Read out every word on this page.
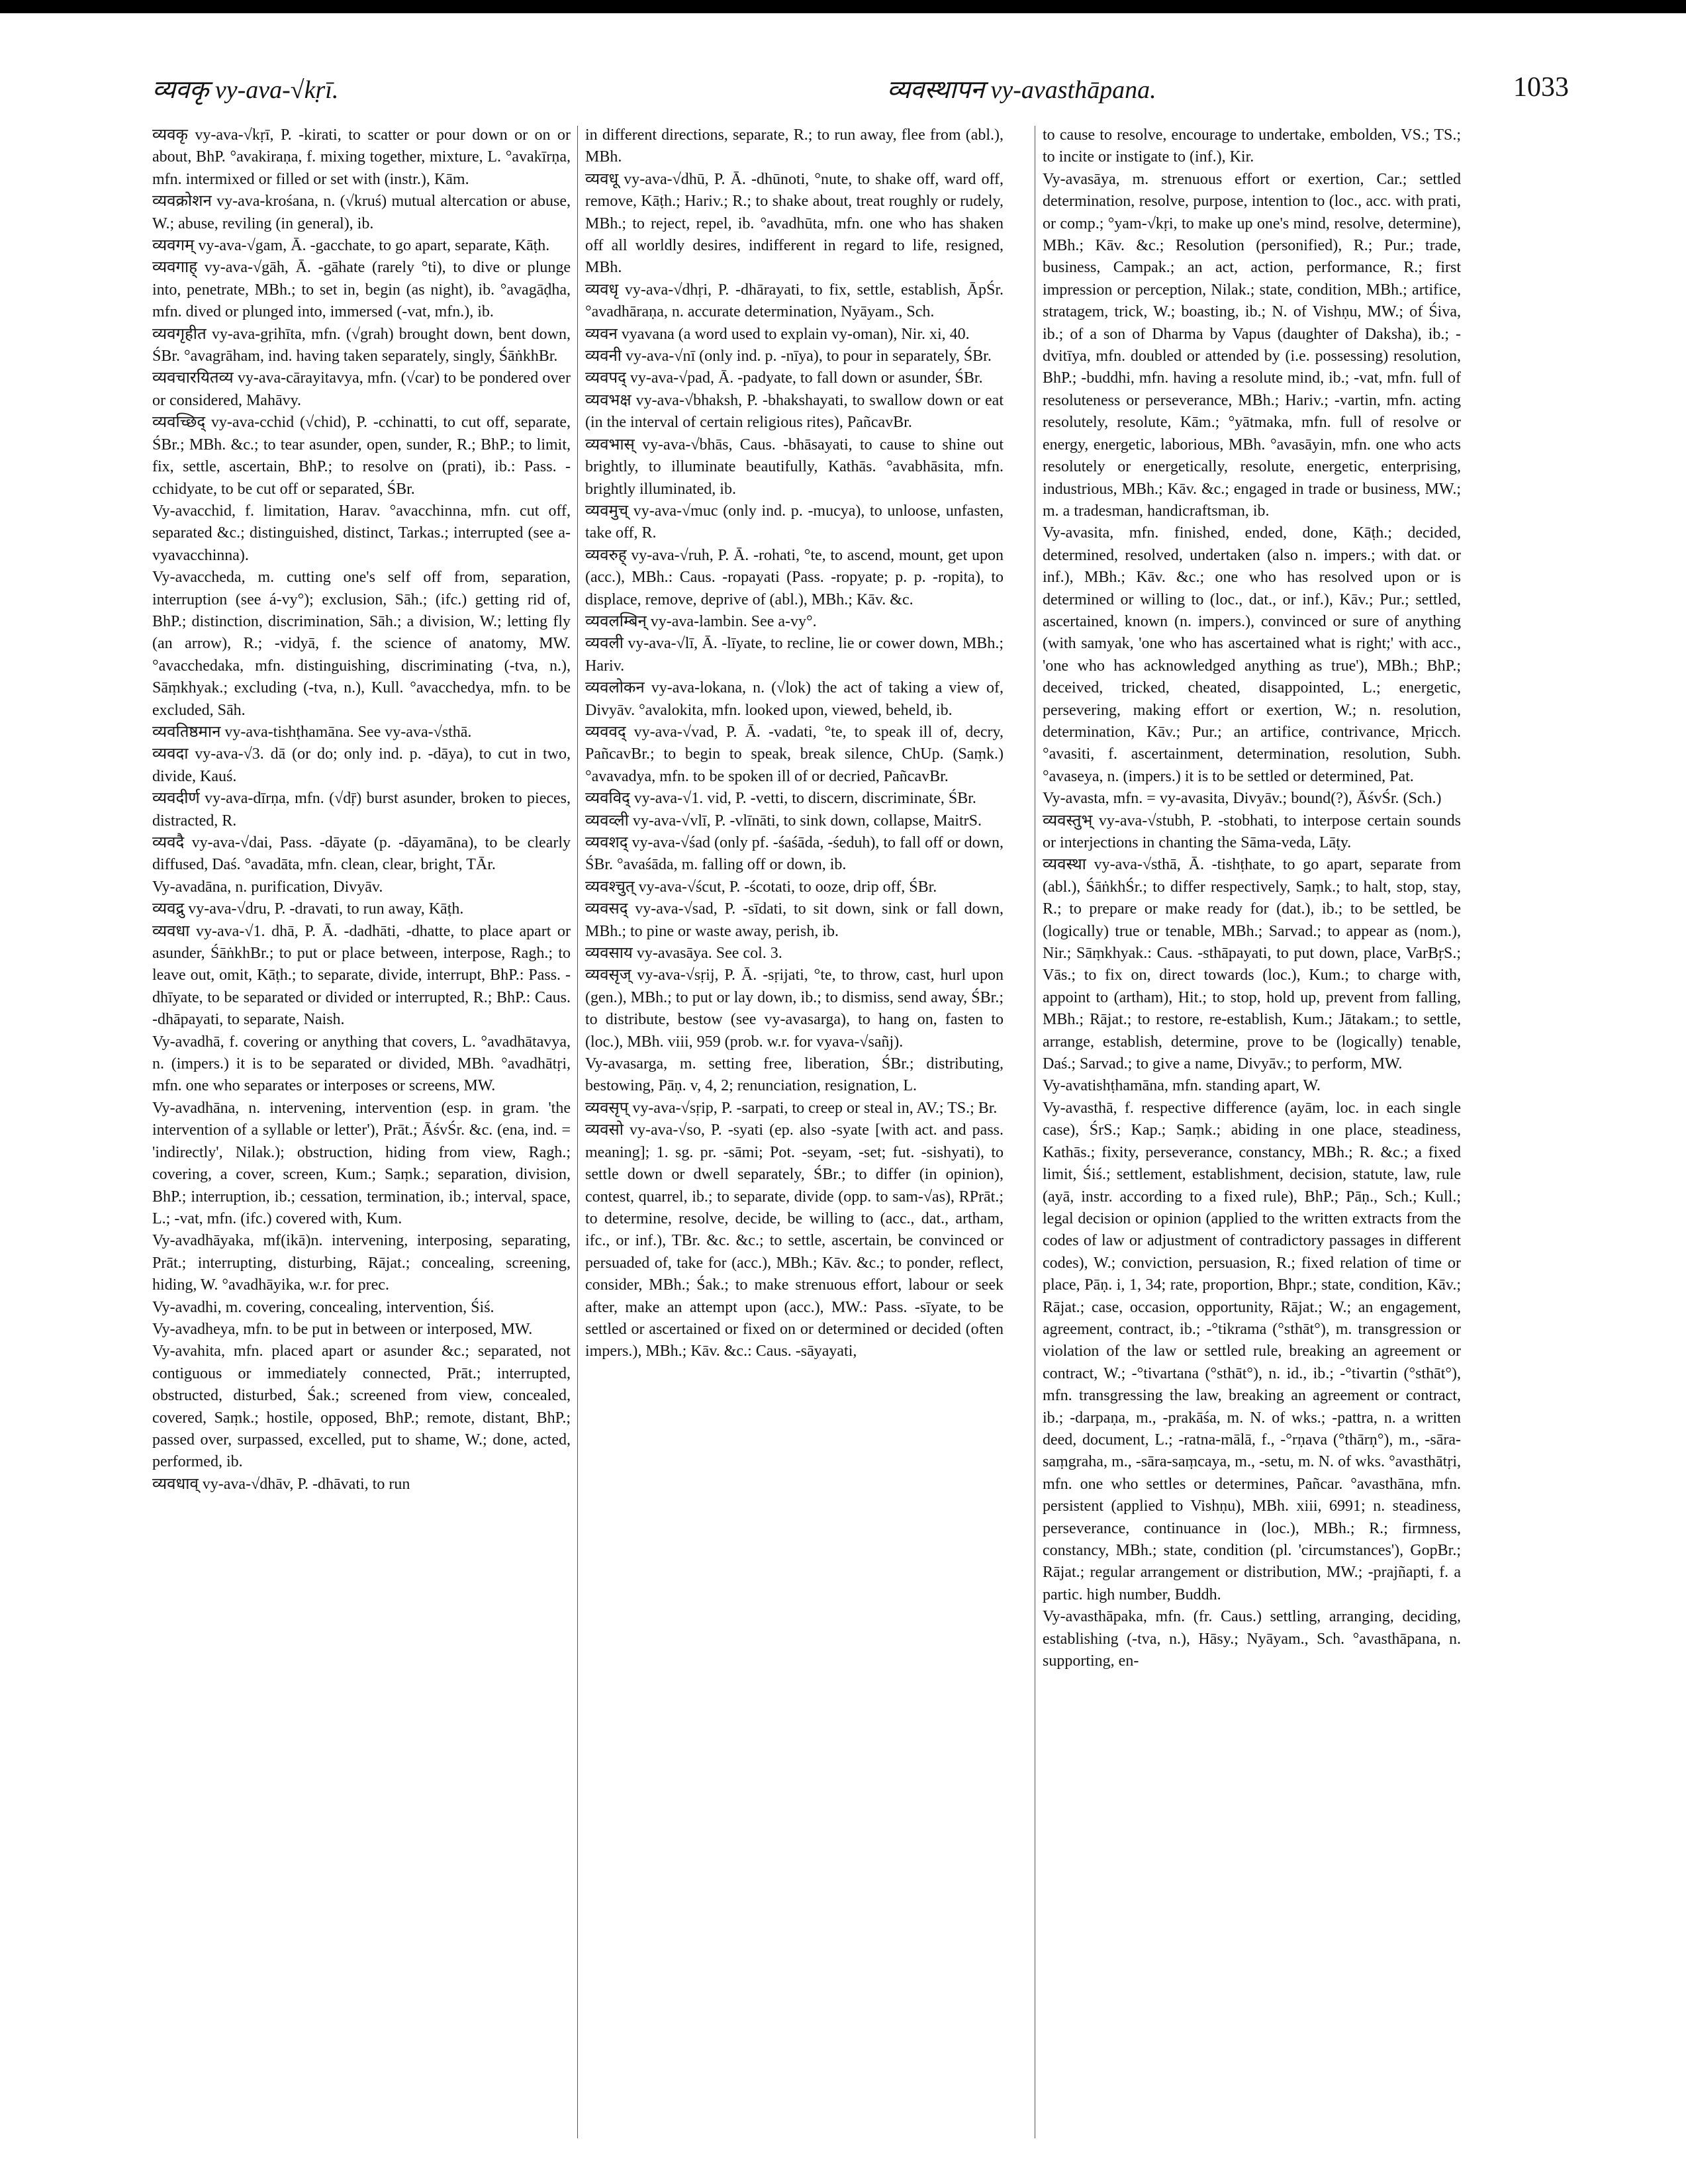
व्यवकृ vy-ava-√kṛī.	व्यवस्थापन vy-avasthāpana.	1033

व्यवकृ vy-ava-√kṛī, P. -kirati, to scatter or pour down or on or about, BhP. °avakiraṇa, f. mixing together, mixture, L. °avakīrṇa, mfn. intermixed or filled or set with (instr.), Kām.

व्यवक्रोशन vy-ava-krośana, n. (√kruś) mutual altercation or abuse, W.; abuse, reviling (in general), ib.

व्यवगम् vy-ava-√gam, Ā. -gacchate, to go apart, separate, Kāṭh.

व्यवगाह् vy-ava-√gāh, Ā. -gāhate (rarely °ti), to dive or plunge into, penetrate, MBh.; to set in, begin (as night), ib. °avagāḍha, mfn. dived or plunged into, immersed (-vat, mfn.), ib.

व्यवगृहीत vy-ava-gṛihīta, mfn. (√grah) brought down, bent down, ŚBr. °avagrāham, ind. having taken separately, singly, ŚāṅkhBr.

व्यवचारयितव्य vy-ava-cārayitavya, mfn. (√car) to be pondered over or considered, Mahāvy.

व्यवच्छिद् vy-ava-cchid (√chid), P. -cchinatti, to cut off, separate, ŚBr.; MBh. &c.; to tear asunder, open, sunder, R.; BhP.; to limit, fix, settle, ascertain, BhP.; to resolve on (prati), ib.: Pass. -cchidyate, to be cut off or separated, ŚBr.

Vy-avacchid, f. limitation, Harav. °avacchinna, mfn. cut off, separated &c.; distinguished, distinct, Tarkas.; interrupted (see a-vyavacchinna).

Vy-avaccheda, m. cutting one's self off from, separation, interruption (see á-vy°); exclusion, Sāh.; (ifc.) getting rid of, BhP.; distinction, discrimination, Sāh.; a division, W.; letting fly (an arrow), R.; -vidyā, f. the science of anatomy, MW. °avacchedaka, mfn. distinguishing, discriminating (-tva, n.), Sāṃkhyak.; excluding (-tva, n.), Kull. °avacchedya, mfn. to be excluded, Sāh.

व्यवतिष्ठमान vy-ava-tishṭhamāna. See vy-ava-√sthā.

व्यवदा vy-ava-√3. dā (or do; only ind. p. -dāya), to cut in two, divide, Kauś.

व्यवदीर्ण vy-ava-dīrṇa, mfn. (√dṝ) burst asunder, broken to pieces, distracted, R.

व्यवदै vy-ava-√dai, Pass. -dāyate (p. -dāyamāna), to be clearly diffused, Daś. °avadāta, mfn. clean, clear, bright, TĀr.

Vy-avadāna, n. purification, Divyāv.

व्यवद्रु vy-ava-√dru, P. -dravati, to run away, Kāṭh.

व्यवधा vy-ava-√1. dhā, P. Ā. -dadhāti, -dhatte, to place apart or asunder, ŚāṅkhBr.; to put or place between, interpose, Ragh.; to leave out, omit, Kāṭh.; to separate, divide, interrupt, BhP.: Pass. -dhīyate, to be separated or divided or interrupted, R.; BhP.: Caus. -dhāpayati, to separate, Naish.

Vy-avadhā, f. covering or anything that covers, L. °avadhātavya, n. (impers.) it is to be separated or divided, MBh. °avadhātṛi, mfn. one who separates or interposes or screens, MW.

Vy-avadhāna, n. intervening, intervention (esp. in gram. 'the intervention of a syllable or letter'), Prāt.; ĀśvŚr. &c. (ena, ind. = 'indirectly', Nilak.); obstruction, hiding from view, Ragh.; covering, a cover, screen, Kum.; Saṃk.; separation, division, BhP.; interruption, ib.; cessation, termination, ib.; interval, space, L.; -vat, mfn. (ifc.) covered with, Kum.

Vy-avadhāyaka, mf(ikā)n. intervening, interposing, separating, Prāt.; interrupting, disturbing, Rājat.; concealing, screening, hiding, W. °avadhāyika, w.r. for prec.

Vy-avadhi, m. covering, concealing, intervention, Śiś.

Vy-avadheya, mfn. to be put in between or interposed, MW.

Vy-avahita, mfn. placed apart or asunder &c.; separated, not contiguous or immediately connected, Prāt.; interrupted, obstructed, disturbed, Śak.; screened from view, concealed, covered, Saṃk.; hostile, opposed, BhP.; remote, distant, BhP.; passed over, surpassed, excelled, put to shame, W.; done, acted, performed, ib.

व्यवधाव् vy-ava-√dhāv, P. -dhāvati, to run

in different directions, separate, R.; to run away, flee from (abl.), MBh.

व्यवधू vy-ava-√dhū, P. Ā. -dhūnoti, °nute, to shake off, ward off, remove, Kāṭh.; Hariv.; R.; to shake about, treat roughly or rudely, MBh.; to reject, repel, ib. °avadhūta, mfn. one who has shaken off all worldly desires, indifferent in regard to life, resigned, MBh.

व्यवधृ vy-ava-√dhṛi, P. -dhārayati, to fix, settle, establish, ĀpŚr. °avadhāraṇa, n. accurate determination, Nyāyam., Sch.

व्यवन vyavana (a word used to explain vy-oman), Nir. xi, 40.

व्यवनी vy-ava-√nī (only ind. p. -nīya), to pour in separately, ŚBr.

व्यवपद् vy-ava-√pad, Ā. -padyate, to fall down or asunder, ŚBr.

व्यवभक्ष vy-ava-√bhaksh, P. -bhakshayati, to swallow down or eat (in the interval of certain religious rites), PañcavBr.

व्यवभास् vy-ava-√bhās, Caus. -bhāsayati, to cause to shine out brightly, to illuminate beautifully, Kathās. °avabhāsita, mfn. brightly illuminated, ib.

व्यवमुच् vy-ava-√muc (only ind. p. -mucya), to unloose, unfasten, take off, R.

व्यवरुह् vy-ava-√ruh, P. Ā. -rohati, °te, to ascend, mount, get upon (acc.), MBh.: Caus. -ropayati (Pass. -ropyate; p. p. -ropita), to displace, remove, deprive of (abl.), MBh.; Kāv. &c.

व्यवलम्बिन् vy-ava-lambin. See a-vy°.

व्यवली vy-ava-√lī, Ā. -līyate, to recline, lie or cower down, MBh.; Hariv.

व्यवलोकन vy-ava-lokana, n. (√lok) the act of taking a view of, Divyāv. °avalokita, mfn. looked upon, viewed, beheld, ib.

व्यववद् vy-ava-√vad, P. Ā. -vadati, °te, to speak ill of, decry, PañcavBr.; to begin to speak, break silence, ChUp. (Saṃk.) °avavadya, mfn. to be spoken ill of or decried, PañcavBr.

व्यवविद् vy-ava-√1. vid, P. -vetti, to discern, discriminate, ŚBr.

व्यवव्ली vy-ava-√vlī, P. -vlīnāti, to sink down, collapse, MaitrS.

व्यवशद् vy-ava-√śad (only pf. -śaśāda, -śeduh), to fall off or down, ŚBr. °avaśāda, m. falling off or down, ib.

व्यवश्चुत् vy-ava-√ścut, P. -ścotati, to ooze, drip off, ŚBr.

व्यवसद् vy-ava-√sad, P. -sīdati, to sit down, sink or fall down, MBh.; to pine or waste away, perish, ib.

व्यवसाय vy-avasāya. See col. 3.

व्यवसृज् vy-ava-√sṛij, P. Ā. -sṛijati, °te, to throw, cast, hurl upon (gen.), MBh.; to put or lay down, ib.; to dismiss, send away, ŚBr.; to distribute, bestow (see vy-avasarga), to hang on, fasten to (loc.), MBh. viii, 959 (prob. w.r. for vyava-√sañj).

Vy-avasarga, m. setting free, liberation, ŚBr.; distributing, bestowing, Pāṇ. v, 4, 2; renunciation, resignation, L.

व्यवसृप् vy-ava-√sṛip, P. -sarpati, to creep or steal in, AV.; TS.; Br.

व्यवसो vy-ava-√so, P. -syati (ep. also -syate [with act. and pass. meaning]; 1. sg. pr. -sāmi; Pot. -seyam, -set; fut. -sishyati), to settle down or dwell separately, ŚBr.; to differ (in opinion), contest, quarrel, ib.; to separate, divide (opp. to sam-√as), RPrāt.; to determine, resolve, decide, be willing to (acc., dat., artham, ifc., or inf.), TBr. &c. &c.; to settle, ascertain, be convinced or persuaded of, take for (acc.), MBh.; Kāv. &c.; to ponder, reflect, consider, MBh.; Śak.; to make strenuous effort, labour or seek after, make an attempt upon (acc.), MW.: Pass. -sīyate, to be settled or ascertained or fixed on or determined or decided (often impers.), MBh.; Kāv. &c.: Caus. -sāyayati,

to cause to resolve, encourage to undertake, embolden, VS.; TS.; to incite or instigate to (inf.), Kir.

Vy-avasāya, m. strenuous effort or exertion, Car.; settled determination, resolve, purpose, intention to (loc., acc. with prati, or comp.; °yam-√kṛi, to make up one's mind, resolve, determine), MBh.; Kāv. &c.; Resolution (personified), R.; Pur.; trade, business, Campak.; an act, action, performance, R.; first impression or perception, Nilak.; state, condition, MBh.; artifice, stratagem, trick, W.; boasting, ib.; N. of Vishṇu, MW.; of Śiva, ib.; of a son of Dharma by Vapus (daughter of Daksha), ib.; -dvitīya, mfn. doubled or attended by (i.e. possessing) resolution, BhP.; -buddhi, mfn. having a resolute mind, ib.; -vat, mfn. full of resoluteness or perseverance, MBh.; Hariv.; -vartin, mfn. acting resolutely, resolute, Kām.; °yātmaka, mfn. full of resolve or energy, energetic, laborious, MBh. °avasāyin, mfn. one who acts resolutely or energetically, resolute, energetic, enterprising, industrious, MBh.; Kāv. &c.; engaged in trade or business, MW.; m. a tradesman, handicraftsman, ib.

Vy-avasita, mfn. finished, ended, done, Kāṭh.; decided, determined, resolved, undertaken (also n. impers.; with dat. or inf.), MBh.; Kāv. &c.; one who has resolved upon or is determined or willing to (loc., dat., or inf.), Kāv.; Pur.; settled, ascertained, known (n. impers.), convinced or sure of anything (with samyak, 'one who has ascertained what is right;' with acc., 'one who has acknowledged anything as true'), MBh.; BhP.; deceived, tricked, cheated, disappointed, L.; energetic, persevering, making effort or exertion, W.; n. resolution, determination, Kāv.; Pur.; an artifice, contrivance, Mṛicch. °avasiti, f. ascertainment, determination, resolution, Subh. °avaseya, n. (impers.) it is to be settled or determined, Pat.

Vy-avasta, mfn. = vy-avasita, Divyāv.; bound(?), ĀśvŚr. (Sch.)

व्यवस्तुभ् vy-ava-√stubh, P. -stobhati, to interpose certain sounds or interjections in chanting the Sāma-veda, Lāṭy.

व्यवस्था vy-ava-√sthā, Ā. -tishṭhate, to go apart, separate from (abl.), ŚāṅkhŚr.; to differ respectively, Saṃk.; to halt, stop, stay, R.; to prepare or make ready for (dat.), ib.; to be settled, be (logically) true or tenable, MBh.; Sarvad.; to appear as (nom.), Nir.; Sāṃkhyak.: Caus. -sthāpayati, to put down, place, VarBṛS.; Vās.; to fix on, direct towards (loc.), Kum.; to charge with, appoint to (artham), Hit.; to stop, hold up, prevent from falling, MBh.; Rājat.; to restore, re-establish, Kum.; Jātakam.; to settle, arrange, establish, determine, prove to be (logically) tenable, Daś.; Sarvad.; to give a name, Divyāv.; to perform, MW.

Vy-avatishṭhamāna, mfn. standing apart, W.

Vy-avasthā, f. respective difference (ayām, loc. in each single case), ŚrS.; Kap.; Saṃk.; abiding in one place, steadiness, Kathās.; fixity, perseverance, constancy, MBh.; R. &c.; a fixed limit, Śiś.; settlement, establishment, decision, statute, law, rule (ayā, instr. according to a fixed rule), BhP.; Pāṇ., Sch.; Kull.; legal decision or opinion (applied to the written extracts from the codes of law or adjustment of contradictory passages in different codes), W.; conviction, persuasion, R.; fixed relation of time or place, Pāṇ. i, 1, 34; rate, proportion, Bhpr.; state, condition, Kāv.; Rājat.; case, occasion, opportunity, Rājat.; W.; an engagement, agreement, contract, ib.; -°tikrama (°sthāt°), m. transgression or violation of the law or settled rule, breaking an agreement or contract, W.; -°tivartana (°sthāt°), n. id., ib.; -°tivartin (°sthāt°), mfn. transgressing the law, breaking an agreement or contract, ib.; -darpaṇa, m., -prakāśa, m. N. of wks.; -pattra, n. a written deed, document, L.; -ratna-mālā, f., -°rṇava (°thārṇ°), m., -sāra-saṃgraha, m., -sāra-saṃcaya, m., -setu, m. N. of wks. °avasthātṛi, mfn. one who settles or determines, Pañcar. °avasthāna, mfn. persistent (applied to Vishṇu), MBh. xiii, 6991; n. steadiness, perseverance, continuance in (loc.), MBh.; R.; firmness, constancy, MBh.; state, condition (pl. 'circumstances'), GopBr.; Rājat.; regular arrangement or distribution, MW.; -prajñapti, f. a partic. high number, Buddh.

Vy-avasthāpaka, mfn. (fr. Caus.) settling, arranging, deciding, establishing (-tva, n.), Hāsy.; Nyāyam., Sch. °avasthāpana, n. supporting, en-
